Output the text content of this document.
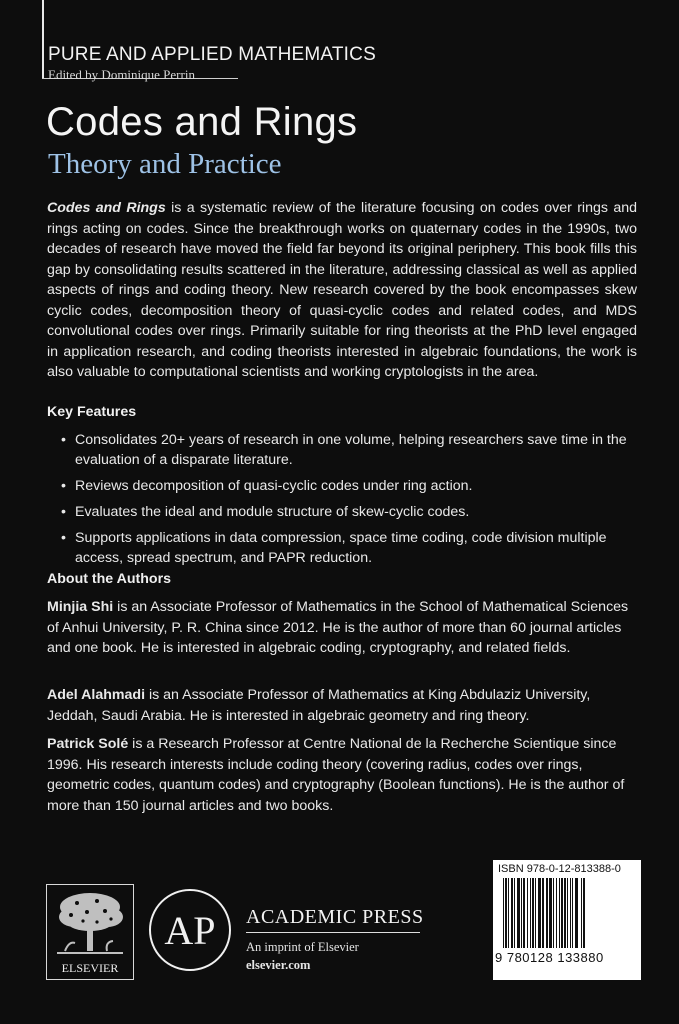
PURE AND APPLIED MATHEMATICS
Edited by Dominique Perrin
Codes and Rings
Theory and Practice
Codes and Rings is a systematic review of the literature focusing on codes over rings and rings acting on codes. Since the breakthrough works on quaternary codes in the 1990s, two decades of research have moved the field far beyond its original periphery. This book fills this gap by consolidating results scattered in the literature, addressing classical as well as applied aspects of rings and coding theory. New research covered by the book encompasses skew cyclic codes, decomposition theory of quasi-cyclic codes and related codes, and MDS convolutional codes over rings. Primarily suitable for ring theorists at the PhD level engaged in application research, and coding theorists interested in algebraic foundations, the work is also valuable to computational scientists and working cryptologists in the area.
Key Features
• Consolidates 20+ years of research in one volume, helping researchers save time in the evaluation of a disparate literature.
• Reviews decomposition of quasi-cyclic codes under ring action.
• Evaluates the ideal and module structure of skew-cyclic codes.
• Supports applications in data compression, space time coding, code division multiple access, spread spectrum, and PAPR reduction.
About the Authors
Minjia Shi is an Associate Professor of Mathematics in the School of Mathematical Sciences of Anhui University, P. R. China since 2012. He is the author of more than 60 journal articles and one book. He is interested in algebraic coding, cryptography, and related fields.
Adel Alahmadi is an Associate Professor of Mathematics at King Abdulaziz University, Jeddah, Saudi Arabia. He is interested in algebraic geometry and ring theory.
Patrick Solé is a Research Professor at Centre National de la Recherche Scientique since 1996. His research interests include coding theory (covering radius, codes over rings, geometric codes, quantum codes) and cryptography (Boolean functions). He is the author of more than 150 journal articles and two books.
ELSEVIER
AP ACADEMIC PRESS
An imprint of Elsevier
elsevier.com
ISBN 978-0-12-813388-0
9 780128 133880
